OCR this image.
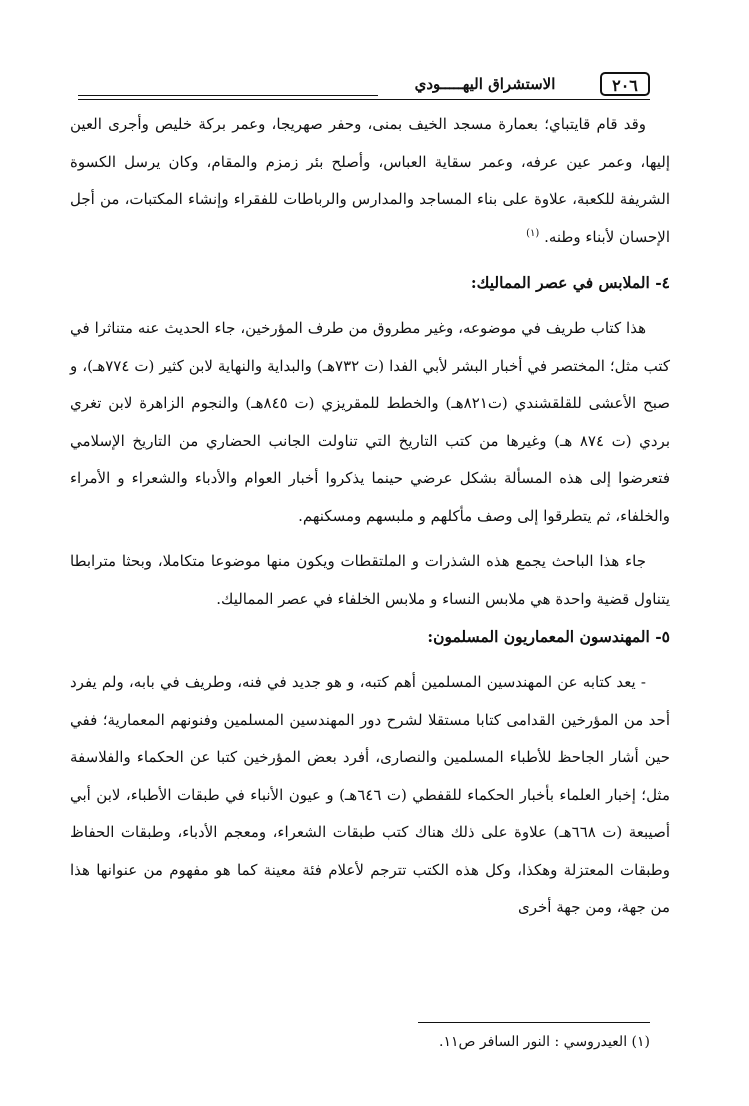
٢٠٦
الاستشراق اليهـــــودي

وقد قام قايتباي؛ بعمارة مسجد الخيف بمنى، وحفر صهريجا، وعمر بركة خليص وأجرى العين إليها، وعمر عين عرفه، وعمر سقاية العباس، وأصلح بئر زمزم والمقام، وكان يرسل الكسوة الشريفة للكعبة، علاوة على بناء المساجد والمدارس والرباطات للفقراء وإنشاء المكتبات، من أجل الإحسان لأبناء وطنه. $^{(١)}$

٤- الملابس في عصر المماليك:

هذا كتاب طريف في موضوعه، وغير مطروق من طرف المؤرخين، جاء الحديث عنه متناثرا في كتب مثل؛ المختصر في أخبار البشر لأبي الفدا (ت ٧٣٢هـ) والبداية والنهاية لابن كثير (ت ٧٧٤هـ)، و صبح الأعشى للقلقشندي (ت٨٢١هـ) والخطط للمقريزي (ت ٨٤٥هـ) والنجوم الزاهرة لابن تغري بردي (ت ٨٧٤ هـ) وغيرها من كتب التاريخ التي تناولت الجانب الحضاري من التاريخ الإسلامي فتعرضوا إلى هذه المسألة بشكل عرضي حينما يذكروا أخبار العوام والأدباء والشعراء و الأمراء والخلفاء، ثم يتطرقوا إلى وصف مأكلهم و ملبسهم ومسكنهم.

جاء هذا الباحث يجمع هذه الشذرات و الملتقطات ويكون منها موضوعا متكاملا، وبحثا مترابطا يتناول قضية واحدة هي ملابس النساء و ملابس الخلفاء في عصر المماليك.

٥- المهندسون المعماريون المسلمون:

- يعد كتابه عن المهندسين المسلمين أهم كتبه، و هو جديد في فنه، وطريف في بابه، ولم يفرد أحد من المؤرخين القدامى كتابا مستقلا لشرح دور المهندسين المسلمين وفنونهم المعمارية؛ ففي حين أشار الجاحظ للأطباء المسلمين والنصارى، أفرد بعض المؤرخين كتبا عن الحكماء والفلاسفة مثل؛ إخبار العلماء بأخبار الحكماء للقفطي (ت ٦٤٦هـ) و عيون الأنباء في طبقات الأطباء، لابن أبي أصيبعة (ت ٦٦٨هـ) علاوة على ذلك هناك كتب طبقات الشعراء، ومعجم الأدباء، وطبقات الحفاظ وطبقات المعتزلة وهكذا، وكل هذه الكتب تترجم لأعلام فئة معينة كما هو مفهوم من عنوانها هذا من جهة، ومن جهة أخرى

(١) العيدروسي : النور السافر ص١١.
